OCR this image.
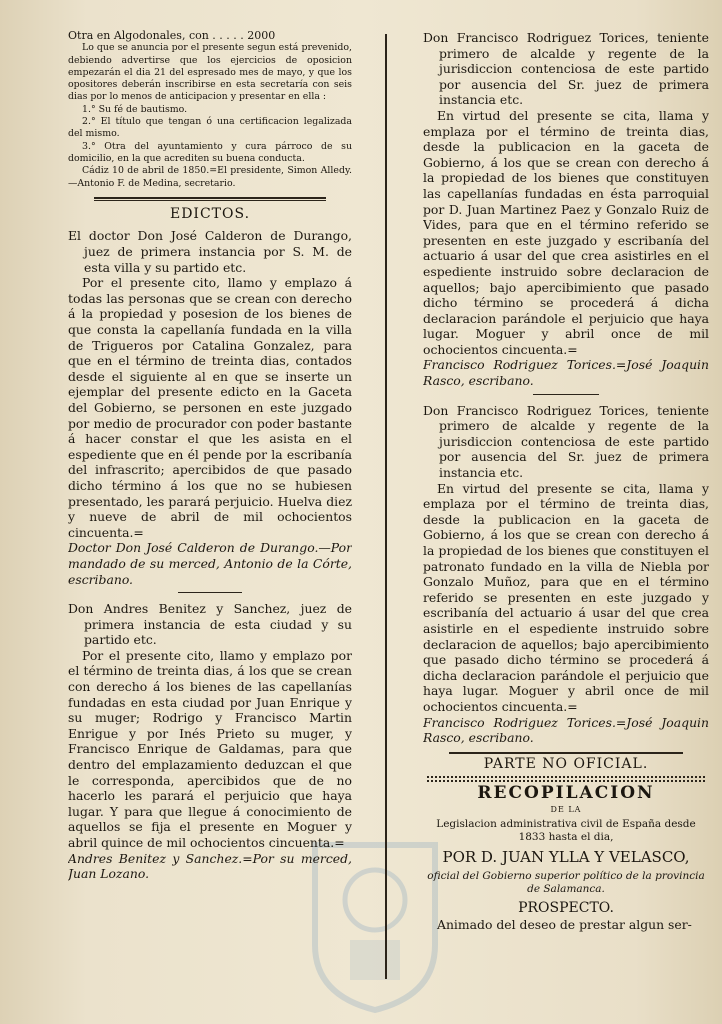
Otra en Algodonales, con . . . . . 2000

Lo que se anuncia por el presente segun está prevenido, debiendo advertirse que los ejercicios de oposicion empezarán el dia 21 del espresado mes de mayo, y que los opositores deberán inscribirse en esta secretaría con seis dias por lo menos de anticipacion y presentar en ella :

1.° Su fé de bautismo.

2.° El título que tengan ó una certificacion legalizada del mismo.

3.° Otra del ayuntamiento y cura párroco de su domicilio, en la que acrediten su buena conducta.

Cádiz 10 de abril de 1850.=El presidente, Simon Alledy.—Antonio F. de Medina, secretario.

EDICTOS.

El doctor Don José Calderon de Durango, juez de primera instancia por S. M. de esta villa y su partido etc.

Por el presente cito, llamo y emplazo á todas las personas que se crean con derecho á la propiedad y posesion de los bienes de que consta la capellanía fundada en la villa de Trigueros por Catalina Gonzalez, para que en el término de treinta dias, contados desde el siguiente al en que se inserte un ejemplar del presente edicto en la Gaceta del Gobierno, se personen en este juzgado por medio de procurador con poder bastante á hacer constar el que les asista en el espediente que en él pende por la escribanía del infrascrito; apercibidos de que pasado dicho término á los que no se hubiesen presentado, les parará perjuicio. Huelva diez y nueve de abril de mil ochocientos cincuenta.=

Doctor Don José Calderon de Durango.—Por mandado de su merced, Antonio de la Córte, escribano.

Don Andres Benitez y Sanchez, juez de primera instancia de esta ciudad y su partido etc.

Por el presente cito, llamo y emplazo por el término de treinta dias, á los que se crean con derecho á los bienes de las capellanías fundadas en esta ciudad por Juan Enrique y su muger; Rodrigo y Francisco Martin Enrigue y por Inés Prieto su muger, y Francisco Enrique de Galdamas, para que dentro del emplazamiento deduzcan el que le corresponda, apercibidos que de no hacerlo les parará el perjuicio que haya lugar. Y para que llegue á conocimiento de aquellos se fija el presente en Moguer y abril quince de mil ochocientos cincuenta.=

Andres Benitez y Sanchez.=Por su merced, Juan Lozano.

Don Francisco Rodriguez Torices, teniente primero de alcalde y regente de la jurisdiccion contenciosa de este partido por ausencia del Sr. juez de primera instancia etc.

En virtud del presente se cita, llama y emplaza por el término de treinta dias, desde la publicacion en la gaceta de Gobierno, á los que se crean con derecho á la propiedad de los bienes que constituyen las capellanías fundadas en ésta parroquial por D. Juan Martinez Paez y Gonzalo Ruiz de Vides, para que en el término referido se presenten en este juzgado y escribanía del actuario á usar del que crea asistirles en el espediente instruido sobre declaracion de aquellos; bajo apercibimiento que pasado dicho término se procederá á dicha declaracion parándole el perjuicio que haya lugar. Moguer y abril once de mil ochocientos cincuenta.=

Francisco Rodriguez Torices.=José Joaquin Rasco, escribano.

Don Francisco Rodriguez Torices, teniente primero de alcalde y regente de la jurisdiccion contenciosa de este partido por ausencia del Sr. juez de primera instancia etc.

En virtud del presente se cita, llama y emplaza por el término de treinta dias, desde la publicacion en la gaceta de Gobierno, á los que se crean con derecho á la propiedad de los bienes que constituyen el patronato fundado en la villa de Niebla por Gonzalo Muñoz, para que en el término referido se presenten en este juzgado y escribanía del actuario á usar del que crea asistirle en el espediente instruido sobre declaracion de aquellos; bajo apercibimiento que pasado dicho término se procederá á dicha declaracion parándole el perjuicio que haya lugar. Moguer y abril once de mil ochocientos cincuenta.=

Francisco Rodriguez Torices.=José Joaquin Rasco, escribano.

PARTE NO OFICIAL.

RECOPILACION

DE LA

Legislacion administrativa civil de España desde 1833 hasta el dia,

POR D. JUAN YLLA Y VELASCO,

oficial del Gobierno superior político de la provincia de Salamanca.

PROSPECTO.

Animado del deseo de prestar algun ser-
